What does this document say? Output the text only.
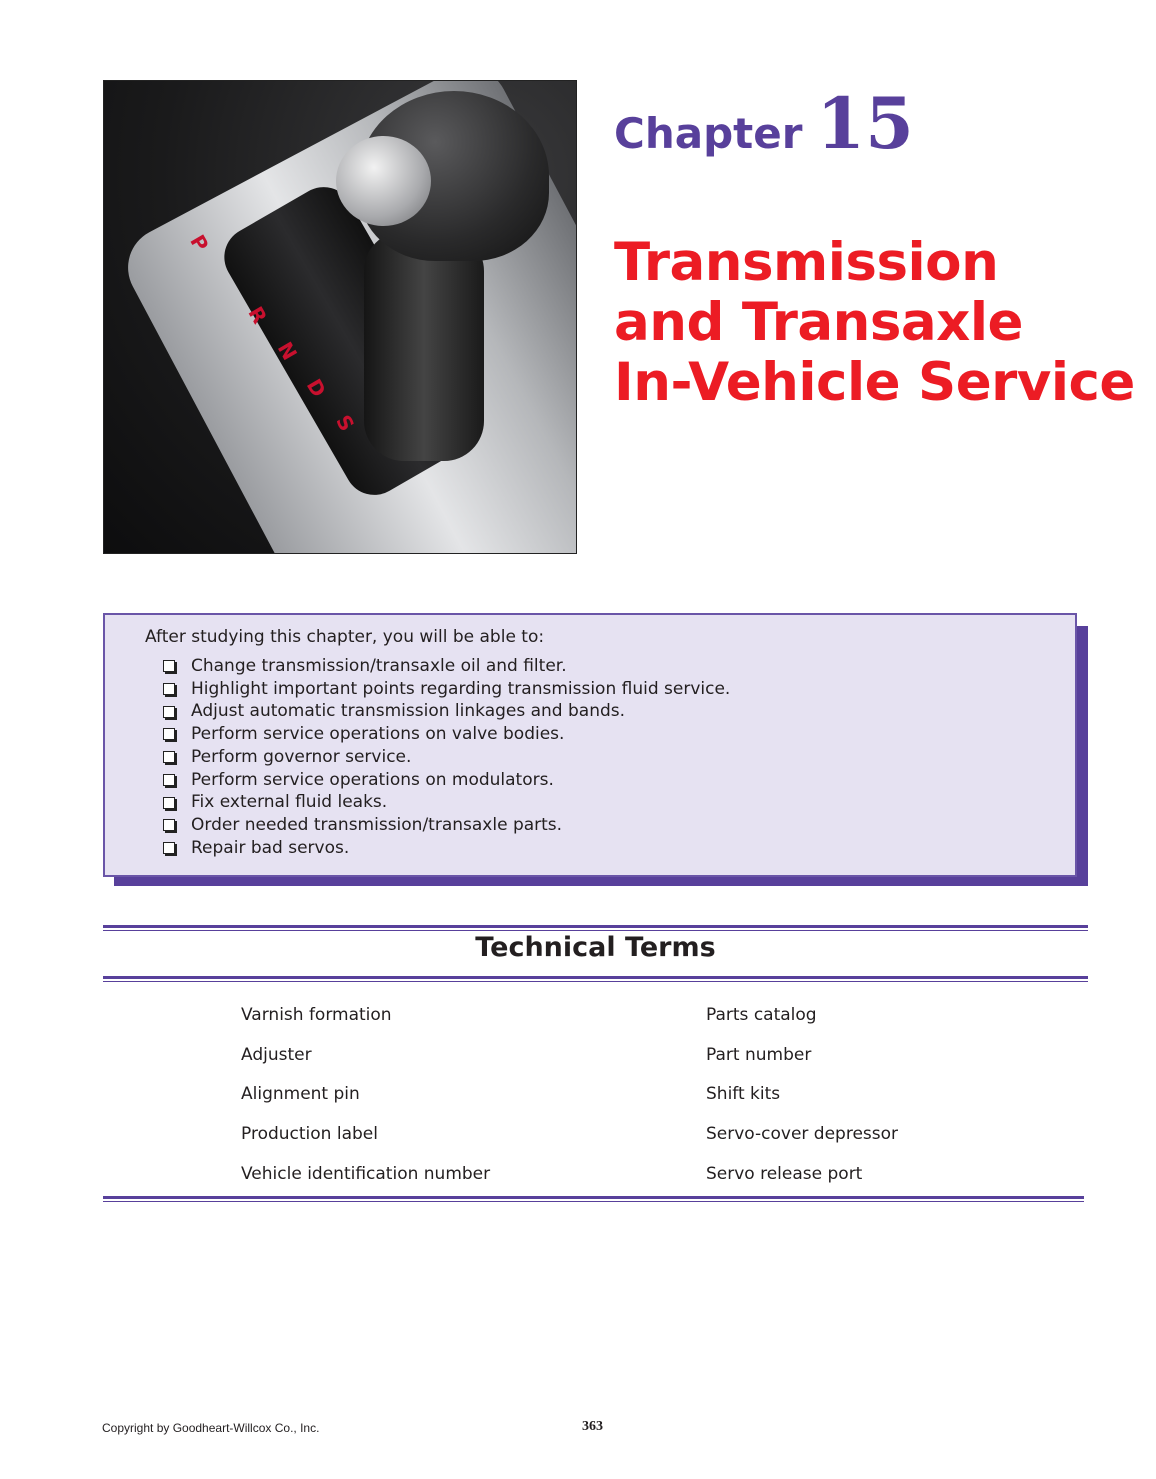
P
R
N
D
S
Chapter 15
Transmission
and Transaxle
In-Vehicle Service
After studying this chapter, you will be able to:
Change transmission/transaxle oil and filter.
Highlight important points regarding transmission fluid service.
Adjust automatic transmission linkages and bands.
Perform service operations on valve bodies.
Perform governor service.
Perform service operations on modulators.
Fix external fluid leaks.
Order needed transmission/transaxle parts.
Repair bad servos.
Technical Terms
Varnish formation
Adjuster
Alignment pin
Production label
Vehicle identification number
Parts catalog
Part number
Shift kits
Servo-cover depressor
Servo release port
Copyright by Goodheart-Willcox Co., Inc.	363
